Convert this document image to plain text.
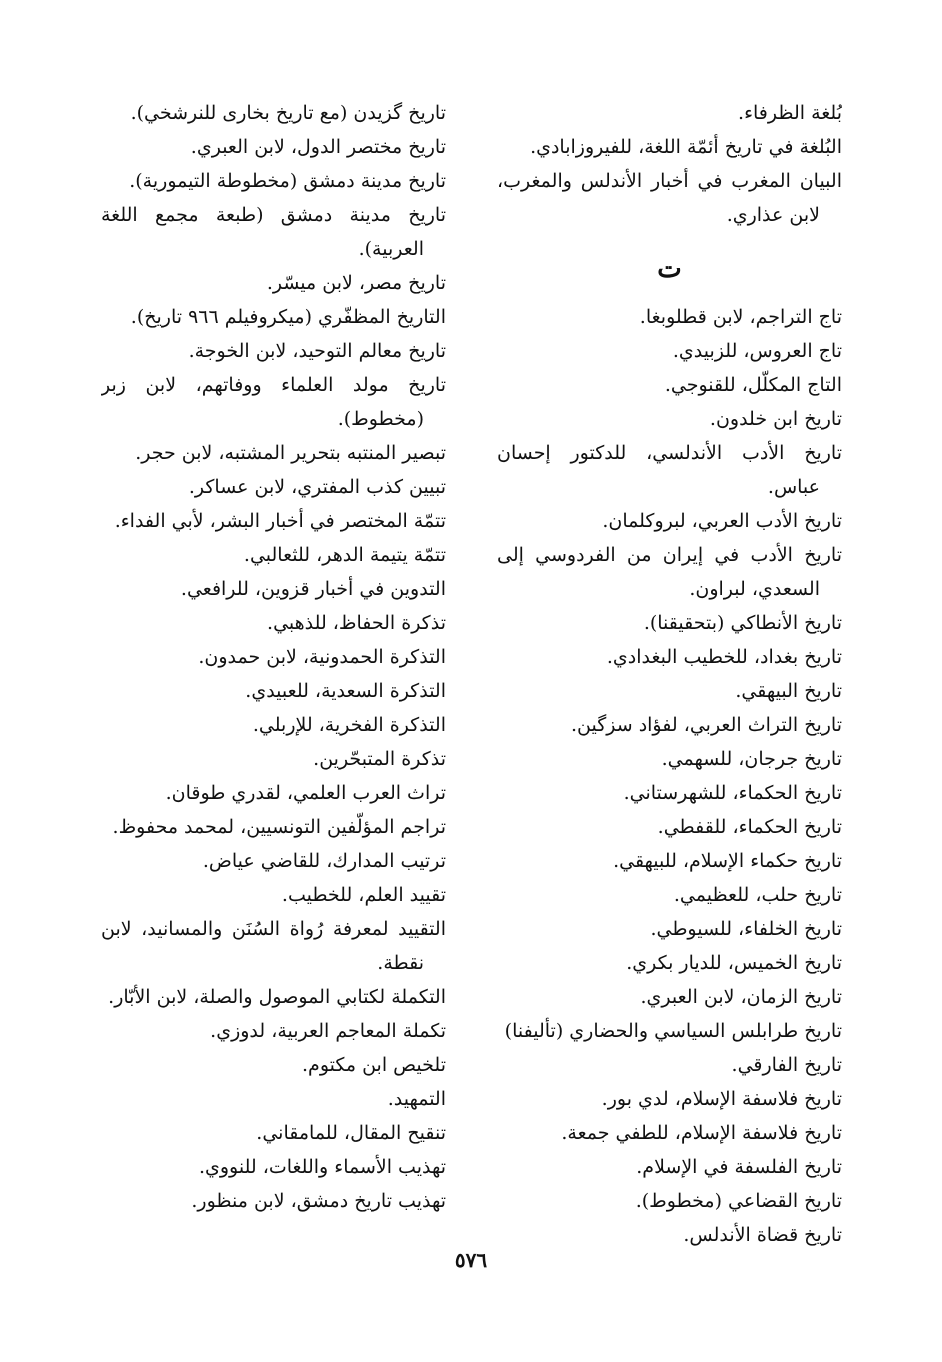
بُلغة الظرفاء.
البُلغة في تاريخ أئمّة اللغة، للفيروزابادي.
البيان المغرب في أخبار الأندلس والمغرب، لابن عذاري.
ت
تاج التراجم، لابن قطلوبغا.
تاج العروس، للزبيدي.
التاج المكلّل، للقنوجي.
تاريخ ابن خلدون.
تاريخ الأدب الأندلسي، للدكتور إحسان عباس.
تاريخ الأدب العربي، لبروكلمان.
تاريخ الأدب في إيران من الفردوسي إلى السعدي، لبراون.
تاريخ الأنطاكي (بتحقيقنا).
تاريخ بغداد، للخطيب البغدادي.
تاريخ البيهقي.
تاريخ التراث العربي، لفؤاد سزگين.
تاريخ جرجان، للسهمي.
تاريخ الحكماء، للشهرستاني.
تاريخ الحكماء، للقفطي.
تاريخ حكماء الإسلام، للبيهقي.
تاريخ حلب، للعظيمي.
تاريخ الخلفاء، للسيوطي.
تاريخ الخميس، للديار بكري.
تاريخ الزمان، لابن العبري.
تاريخ طرابلس السياسي والحضاري (تأليفنا)
تاريخ الفارقي.
تاريخ فلاسفة الإسلام، لدي بور.
تاريخ فلاسفة الإسلام، للطفي جمعة.
تاريخ الفلسفة في الإسلام.
تاريخ القضاعي (مخطوط).
تاريخ قضاة الأندلس.
تاريخ گزيدن (مع تاريخ بخارى للنرشخي).
تاريخ مختصر الدول، لابن العبري.
تاريخ مدينة دمشق (مخطوطة التيمورية).
تاريخ مدينة دمشق (طبعة مجمع اللغة العربية).
تاريخ مصر، لابن ميسّر.
التاريخ المظفّري (ميكروفيلم ٩٦٦ تاريخ).
تاريخ معالم التوحيد، لابن الخوجة.
تاريخ مولد العلماء ووفاتهم، لابن زبر (مخطوط).
تبصير المنتبه بتحرير المشتبه، لابن حجر.
تبيين كذب المفتري، لابن عساكر.
تتمّة المختصر في أخبار البشر، لأبي الفداء.
تتمّة يتيمة الدهر، للثعالبي.
التدوين في أخبار قزوين، للرافعي.
تذكرة الحفاظ، للذهبي.
التذكرة الحمدونية، لابن حمدون.
التذكرة السعدية، للعبيدي.
التذكرة الفخرية، للإربلي.
تذكرة المتبحّرين.
تراث العرب العلمي، لقدري طوقان.
تراجم المؤلّفين التونسيين، لمحمد محفوظ.
ترتيب المدارك، للقاضي عياض.
تقييد العلم، للخطيب.
التقييد لمعرفة رُواة السُنَن والمسانيد، لابن نقطة.
التكملة لكتابي الموصول والصلة، لابن الأبّار.
تكملة المعاجم العربية، لدوزي.
تلخيص ابن مكتوم.
التمهيد.
تنقيح المقال، للمامقاني.
تهذيب الأسماء واللغات، للنووي.
تهذيب تاريخ دمشق، لابن منظور.
٥٧٦
